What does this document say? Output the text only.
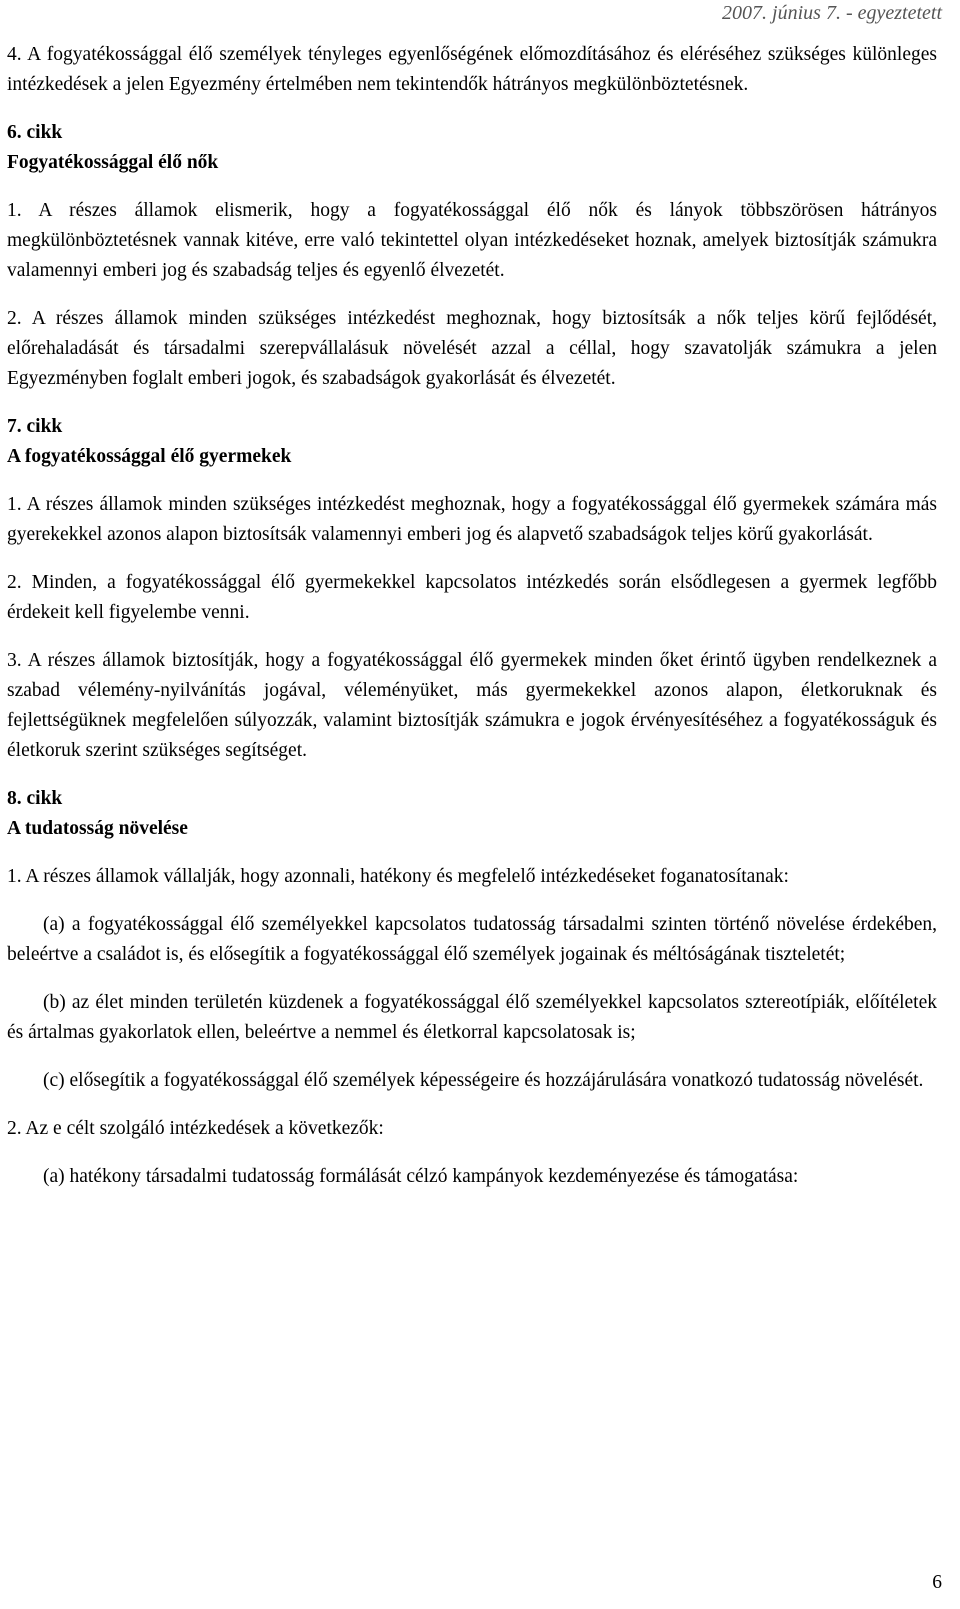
2007. június 7. - egyeztetett

4. A fogyatékossággal élő személyek tényleges egyenlőségének előmozdításához és eléréséhez szükséges különleges intézkedések a jelen Egyezmény értelmében nem tekintendők hátrányos megkülönböztetésnek.

6. cikk
Fogyatékossággal élő nők

1. A részes államok elismerik, hogy a fogyatékossággal élő nők és lányok többszörösen hátrányos megkülönböztetésnek vannak kitéve, erre való tekintettel olyan intézkedéseket hoznak, amelyek biztosítják számukra valamennyi emberi jog és szabadság teljes és egyenlő élvezetét.

2. A részes államok minden szükséges intézkedést meghoznak, hogy biztosítsák a nők teljes körű fejlődését, előrehaladását és társadalmi szerepvállalásuk növelését azzal a céllal, hogy szavatolják számukra a jelen Egyezményben foglalt emberi jogok, és szabadságok gyakorlását és élvezetét.

7. cikk
A fogyatékossággal élő gyermekek

1. A részes államok minden szükséges intézkedést meghoznak, hogy a fogyatékossággal élő gyermekek számára más gyerekekkel azonos alapon biztosítsák valamennyi emberi jog és alapvető szabadságok teljes körű gyakorlását.

2. Minden, a fogyatékossággal élő gyermekekkel kapcsolatos intézkedés során elsődlegesen a gyermek legfőbb érdekeit kell figyelembe venni.

3. A részes államok biztosítják, hogy a fogyatékossággal élő gyermekek minden őket érintő ügyben rendelkeznek a szabad vélemény-nyilvánítás jogával, véleményüket, más gyermekekkel azonos alapon, életkoruknak és fejlettségüknek megfelelően súlyozzák, valamint biztosítják számukra e jogok érvényesítéséhez a fogyatékosságuk és életkoruk szerint szükséges segítséget.

8. cikk
A tudatosság növelése

1. A részes államok vállalják, hogy azonnali, hatékony és megfelelő intézkedéseket foganatosítanak:

(a) a fogyatékossággal élő személyekkel kapcsolatos tudatosság társadalmi szinten történő növelése érdekében, beleértve a családot is, és elősegítik a fogyatékossággal élő személyek jogainak és méltóságának tiszteletét;

(b) az élet minden területén küzdenek a fogyatékossággal élő személyekkel kapcsolatos sztereotípiák, előítéletek és ártalmas gyakorlatok ellen, beleértve a nemmel és életkorral kapcsolatosak is;

(c) elősegítik a fogyatékossággal élő személyek képességeire és hozzájárulására vonatkozó tudatosság növelését.

2. Az e célt szolgáló intézkedések a következők:

(a) hatékony társadalmi tudatosság formálását célzó kampányok kezdeményezése és támogatása:

6
